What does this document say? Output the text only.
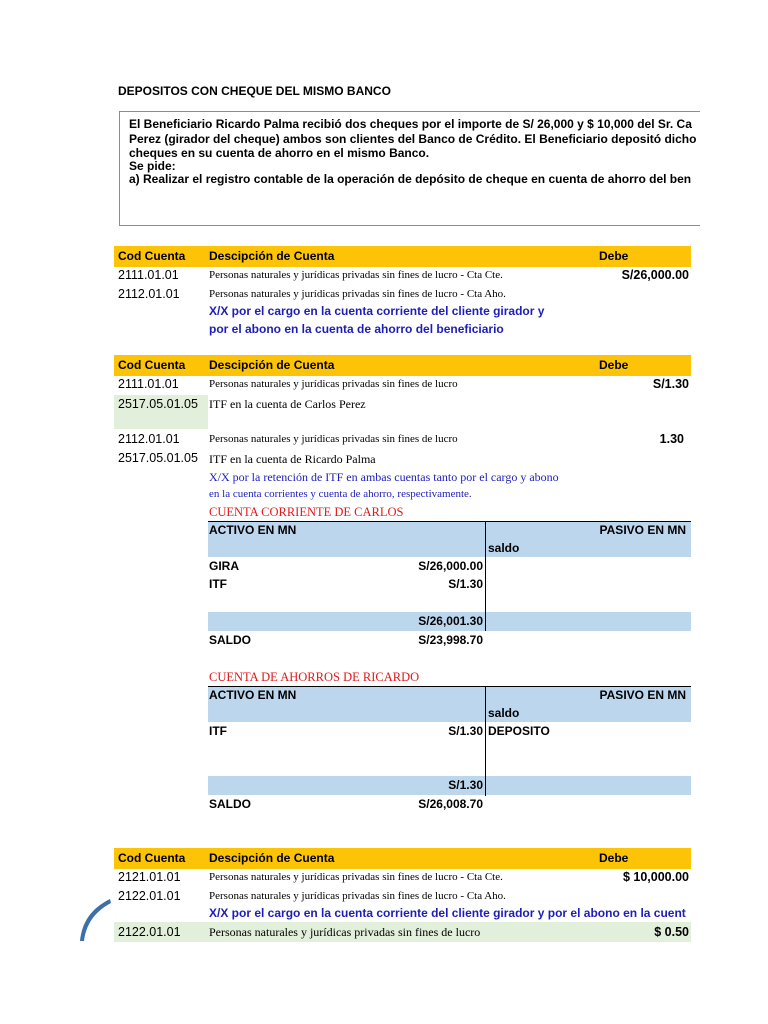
DEPOSITOS CON CHEQUE DEL MISMO BANCO
El Beneficiario Ricardo Palma recibió dos cheques por el importe de S/ 26,000 y $ 10,000 del Sr. Ca
Perez (girador del cheque) ambos son clientes del Banco de Crédito. El Beneficiario depositó dicho
cheques en su cuenta de ahorro en el mismo Banco.
Se pide:
a) Realizar el registro contable de la operación de depósito de cheque en cuenta de ahorro del ben
Cod Cuenta Descipción de Cuenta	Debe
2111.01.01	Personas naturales y jurídicas privadas sin fines de lucro - Cta Cte.	S/26,000.00
2112.01.01	Personas naturales y jurídicas privadas sin fines de lucro - Cta Aho.
X/X por el cargo en la cuenta corriente del cliente girador y
por el abono en la cuenta de ahorro del beneficiario
Cod Cuenta Descipción de Cuenta	Debe
2111.01.01	Personas naturales y jurídicas privadas sin fines de lucro	S/1.30
2517.05.01.05 ITF en la cuenta de Carlos Perez
2112.01.01	Personas naturales y jurídicas privadas sin fines de lucro	1.30
2517.05.01.05 ITF en la cuenta de Ricardo Palma
X/X por la retención de ITF en ambas cuentas tanto por el cargo y abono
en la cuenta corrientes y cuenta de ahorro, respectivamente.
CUENTA CORRIENTE DE CARLOS
ACTIVO EN MN	PASIVO EN MN
saldo
GIRA	S/26,000.00
ITF	S/1.30
S/26,001.30
SALDO	S/23,998.70
CUENTA DE AHORROS DE RICARDO
ACTIVO EN MN	PASIVO EN MN
saldo
ITF	S/1.30 DEPOSITO
S/1.30
SALDO	S/26,008.70
Cod Cuenta Descipción de Cuenta	Debe
2121.01.01	Personas naturales y jurídicas privadas sin fines de lucro - Cta Cte.	$ 10,000.00
2122.01.01	Personas naturales y jurídicas privadas sin fines de lucro - Cta Aho.
X/X por el cargo en la cuenta corriente del cliente girador y por el abono en la cuent
2122.01.01 Personas naturales y jurídicas privadas sin fines de lucro	$ 0.50
